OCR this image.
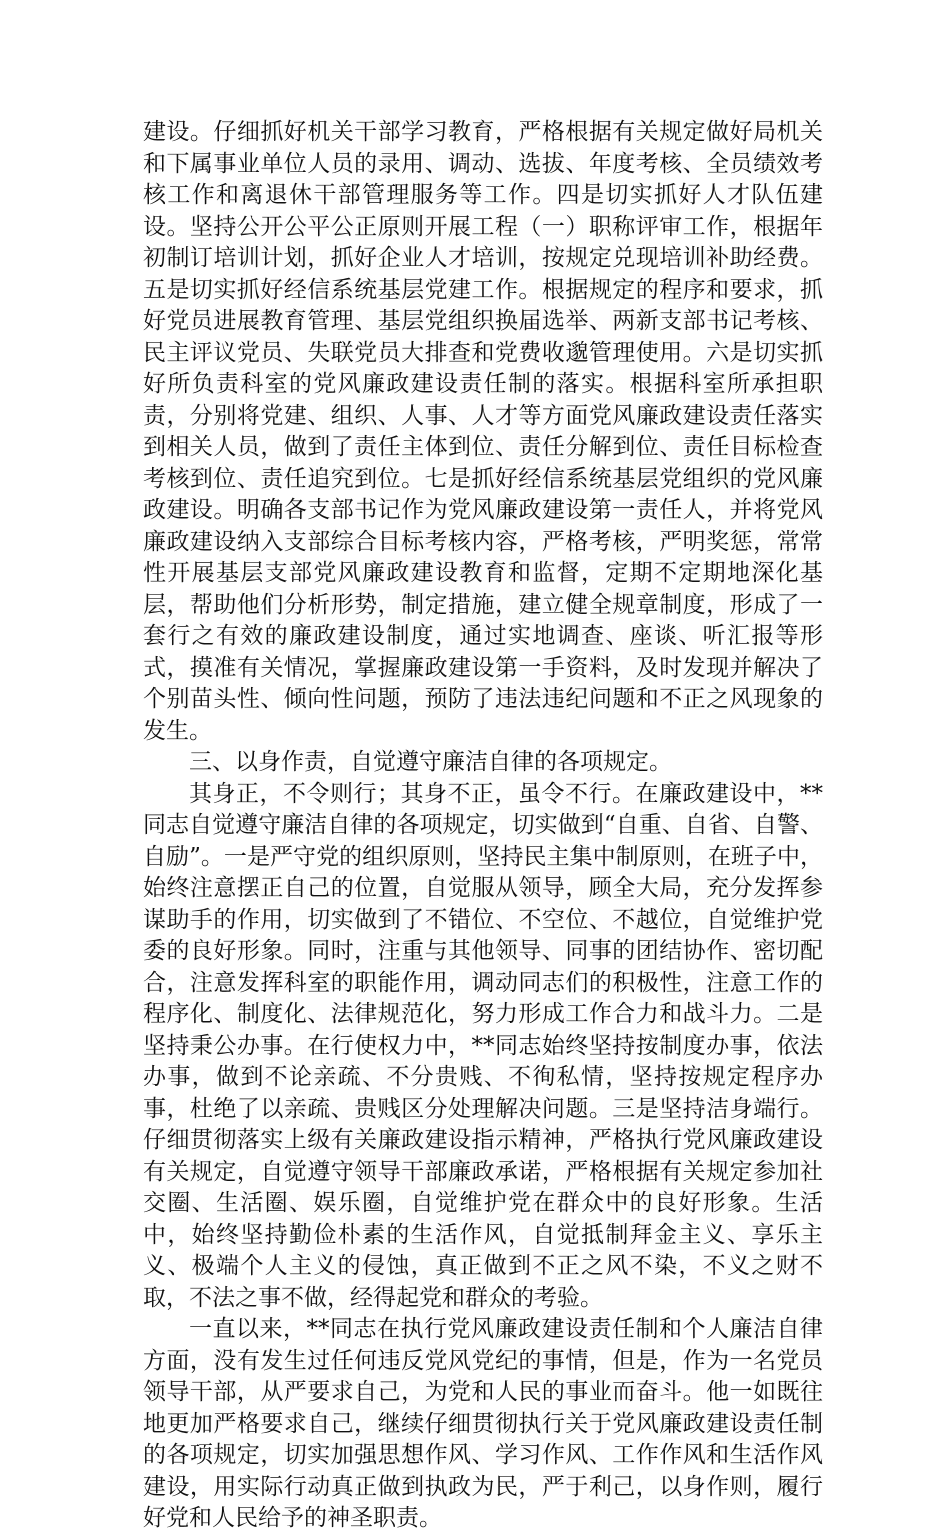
建设。仔细抓好机关干部学习教育，严格根据有关规定做好局机关和下属事业单位人员的录用、调动、选拔、年度考核、全员绩效考核工作和离退休干部管理服务等工作。四是切实抓好人才队伍建设。坚持公开公平公正原则开展工程（一）职称评审工作，根据年初制订培训计划，抓好企业人才培训，按规定兑现培训补助经费。五是切实抓好经信系统基层党建工作。根据规定的程序和要求，抓好党员进展教育管理、基层党组织换届选举、两新支部书记考核、民主评议党员、失联党员大排查和党费收邈管理使用。六是切实抓好所负责科室的党风廉政建设责任制的落实。根据科室所承担职责，分别将党建、组织、人事、人才等方面党风廉政建设责任落实到相关人员，做到了责任主体到位、责任分解到位、责任目标检查考核到位、责任追究到位。七是抓好经信系统基层党组织的党风廉政建设。明确各支部书记作为党风廉政建设第一责任人，并将党风廉政建设纳入支部综合目标考核内容，严格考核，严明奖惩，常常性开展基层支部党风廉政建设教育和监督，定期不定期地深化基层，帮助他们分析形势，制定措施，建立健全规章制度，形成了一套行之有效的廉政建设制度，通过实地调查、座谈、听汇报等形式，摸准有关情况，掌握廉政建设第一手资料，及时发现并解决了个别苗头性、倾向性问题，预防了违法违纪问题和不正之风现象的发生。

三、以身作责，自觉遵守廉洁自律的各项规定。

其身正，不令则行；其身不正，虽令不行。在廉政建设中，**同志自觉遵守廉洁自律的各项规定，切实做到“自重、自省、自警、自励”。一是严守党的组织原则，坚持民主集中制原则，在班子中，始终注意摆正自己的位置，自觉服从领导，顾全大局，充分发挥参谋助手的作用，切实做到了不错位、不空位、不越位，自觉维护党委的良好形象。同时，注重与其他领导、同事的团结协作、密切配合，注意发挥科室的职能作用，调动同志们的积极性，注意工作的程序化、制度化、法律规范化，努力形成工作合力和战斗力。二是坚持秉公办事。在行使权力中，**同志始终坚持按制度办事，依法办事，做到不论亲疏、不分贵贱、不徇私情，坚持按规定程序办事，杜绝了以亲疏、贵贱区分处理解决问题。三是坚持洁身端行。仔细贯彻落实上级有关廉政建设指示精神，严格执行党风廉政建设有关规定，自觉遵守领导干部廉政承诺，严格根据有关规定参加社交圈、生活圈、娱乐圈，自觉维护党在群众中的良好形象。生活中，始终坚持勤俭朴素的生活作风，自觉抵制拜金主义、享乐主义、极端个人主义的侵蚀，真正做到不正之风不染，不义之财不取，不法之事不做，经得起党和群众的考验。

一直以来，**同志在执行党风廉政建设责任制和个人廉洁自律方面，没有发生过任何违反党风党纪的事情，但是，作为一名党员领导干部，从严要求自己，为党和人民的事业而奋斗。他一如既往地更加严格要求自己，继续仔细贯彻执行关于党风廉政建设责任制的各项规定，切实加强思想作风、学习作风、工作作风和生活作风建设，用实际行动真正做到执政为民，严于利己，以身作则，履行好党和人民给予的神圣职责。
